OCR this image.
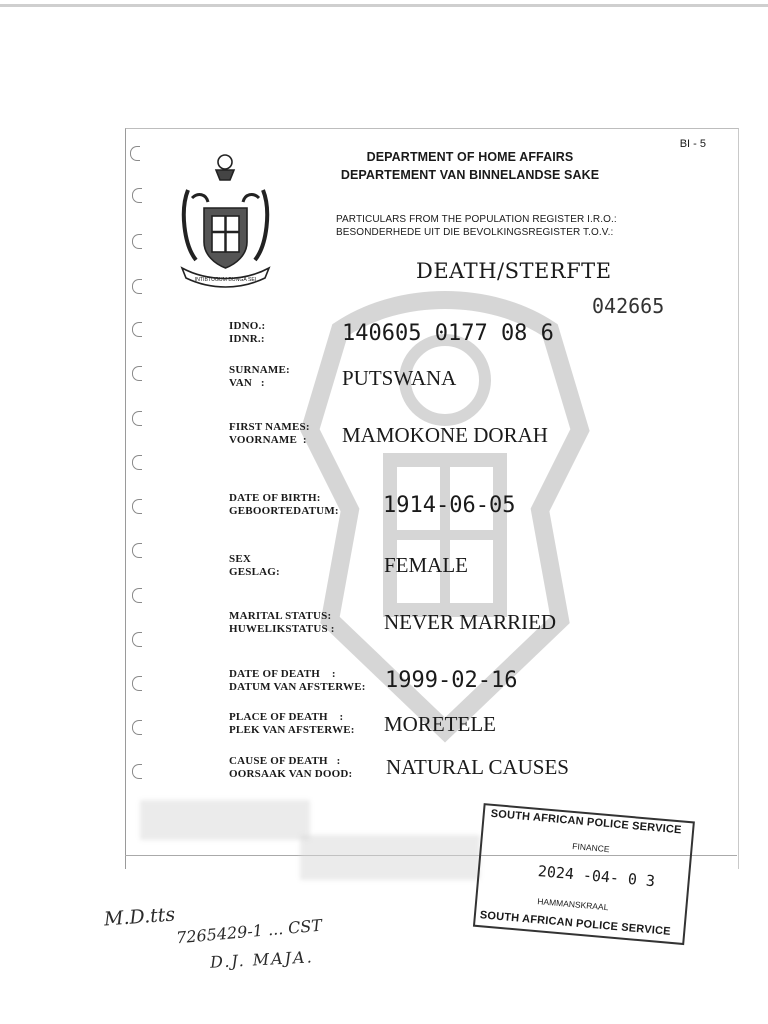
BI - 5
INTIBTUGUM BUNGA SEI
DEPARTMENT OF HOME AFFAIRS
DEPARTEMENT VAN BINNELANDSE SAKE
PARTICULARS FROM THE POPULATION REGISTER I.R.O.:
BESONDERHEDE UIT DIE BEVOLKINGSREGISTER T.O.V.:
DEATH/STERFTE
042665
IDNO.:
IDNR.:
SURNAME:
VAN   :
FIRST NAMES:
VOORNAME  :
DATE OF BIRTH:
GEBOORTEDATUM:
SEX
GESLAG:
MARITAL STATUS:
HUWELIKSTATUS :
DATE OF DEATH    :
DATUM VAN AFSTERWE:
PLACE OF DEATH    :
PLEK VAN AFSTERWE:
CAUSE OF DEATH   :
OORSAAK VAN DOOD:
140605 0177 08 6
PUTSWANA
MAMOKONE DORAH
1914-06-05
FEMALE
NEVER MARRIED
1999-02-16
MORETELE
NATURAL CAUSES
SOUTH AFRICAN POLICE SERVICE
FINANCE
2024 -04- 0 3
HAMMANSKRAAL
SOUTH AFRICAN POLICE SERVICE
M.D.tts 7265429-1 ... CST
D.J. MAJA.
